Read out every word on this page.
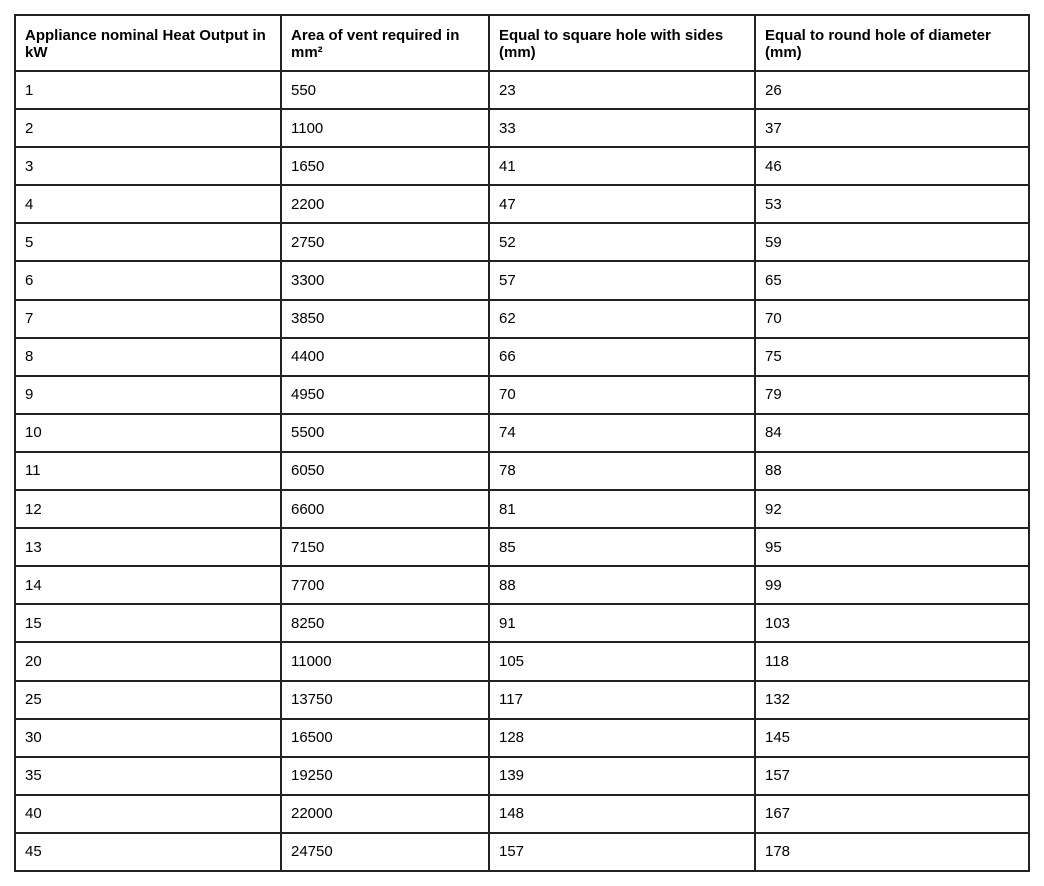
Appliance nominal Heat Output in kW	Area of vent required in mm²	Equal to square hole with sides (mm)	Equal to round hole of diameter (mm)
1	550	23	26
2	1100	33	37
3	1650	41	46
4	2200	47	53
5	2750	52	59
6	3300	57	65
7	3850	62	70
8	4400	66	75
9	4950	70	79
10	5500	74	84
11	6050	78	88
12	6600	81	92
13	7150	85	95
14	7700	88	99
15	8250	91	103
20	11000	105	118
25	13750	117	132
30	16500	128	145
35	19250	139	157
40	22000	148	167
45	24750	157	178
